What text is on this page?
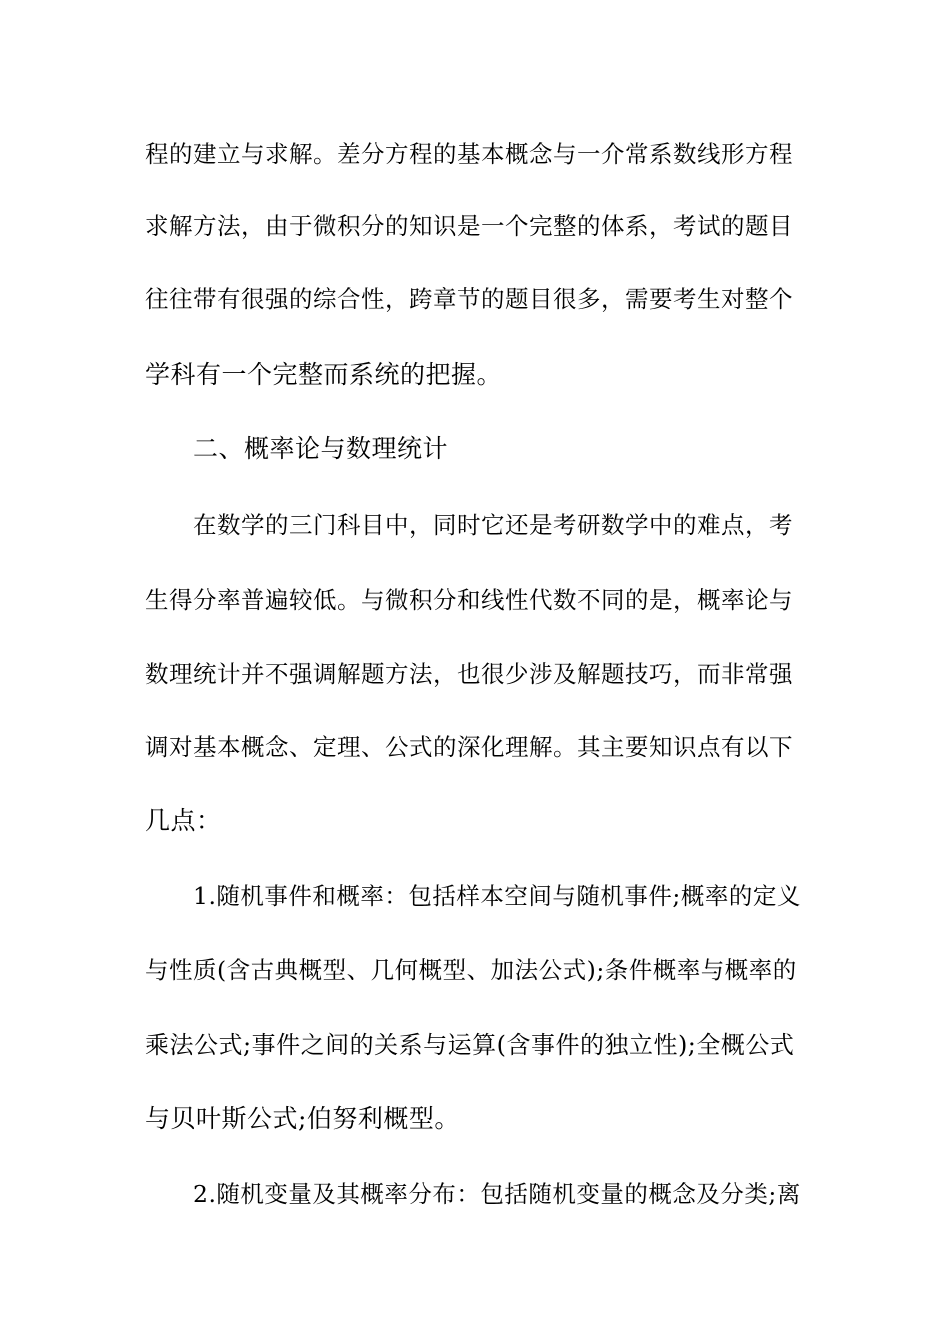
程的建立与求解。差分方程的基本概念与一介常系数线形方程
求解方法，由于微积分的知识是一个完整的体系，考试的题目
往往带有很强的综合性，跨章节的题目很多，需要考生对整个
学科有一个完整而系统的把握。
二、概率论与数理统计
在数学的三门科目中，同时它还是考研数学中的难点，考
生得分率普遍较低。与微积分和线性代数不同的是，概率论与
数理统计并不强调解题方法，也很少涉及解题技巧，而非常强
调对基本概念、定理、公式的深化理解。其主要知识点有以下
几点：
1.随机事件和概率：包括样本空间与随机事件;概率的定义
与性质(含古典概型、几何概型、加法公式);条件概率与概率的
乘法公式;事件之间的关系与运算(含事件的独立性);全概公式
与贝叶斯公式;伯努利概型。
2.随机变量及其概率分布：包括随机变量的概念及分类;离
